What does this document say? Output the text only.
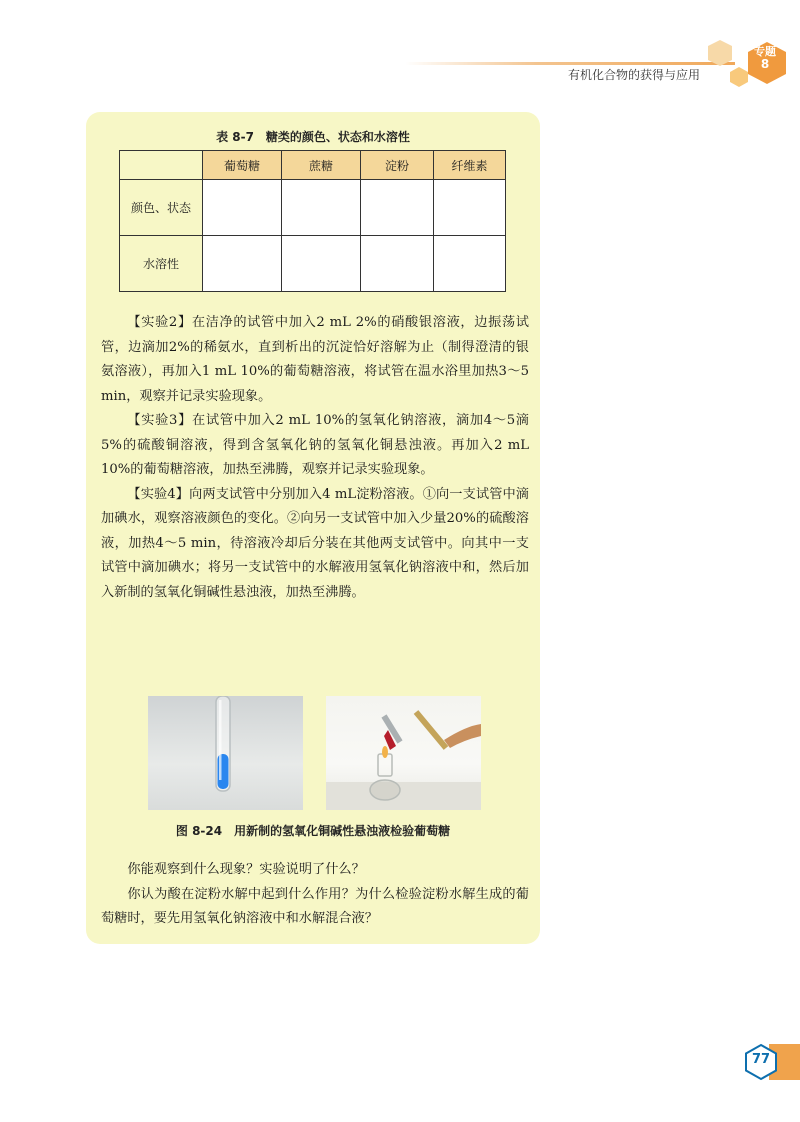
有机化合物的获得与应用
专题
8
表 8-7　糖类的颜色、状态和水溶性
	葡萄糖	蔗糖	淀粉	纤维素
颜色、状态				
水溶性				

【实验2】在洁净的试管中加入2 mL 2%的硝酸银溶液，边振荡试管，边滴加2%的稀氨水，直到析出的沉淀恰好溶解为止（制得澄清的银氨溶液），再加入1 mL 10%的葡萄糖溶液，将试管在温水浴里加热3～5 min，观察并记录实验现象。

【实验3】在试管中加入2 mL 10%的氢氧化钠溶液，滴加4～5滴5%的硫酸铜溶液，得到含氢氧化钠的氢氧化铜悬浊液。再加入2 mL 10%的葡萄糖溶液，加热至沸腾，观察并记录实验现象。

【实验4】向两支试管中分别加入4 mL淀粉溶液。①向一支试管中滴加碘水，观察溶液颜色的变化。②向另一支试管中加入少量20%的硫酸溶液，加热4～5 min，待溶液冷却后分装在其他两支试管中。向其中一支试管中滴加碘水；将另一支试管中的水解液用氢氧化钠溶液中和，然后加入新制的氢氧化铜碱性悬浊液，加热至沸腾。

图 8-24　用新制的氢氧化铜碱性悬浊液检验葡萄糖

你能观察到什么现象？实验说明了什么？

你认为酸在淀粉水解中起到什么作用？为什么检验淀粉水解生成的葡萄糖时，要先用氢氧化钠溶液中和水解混合液？

77
